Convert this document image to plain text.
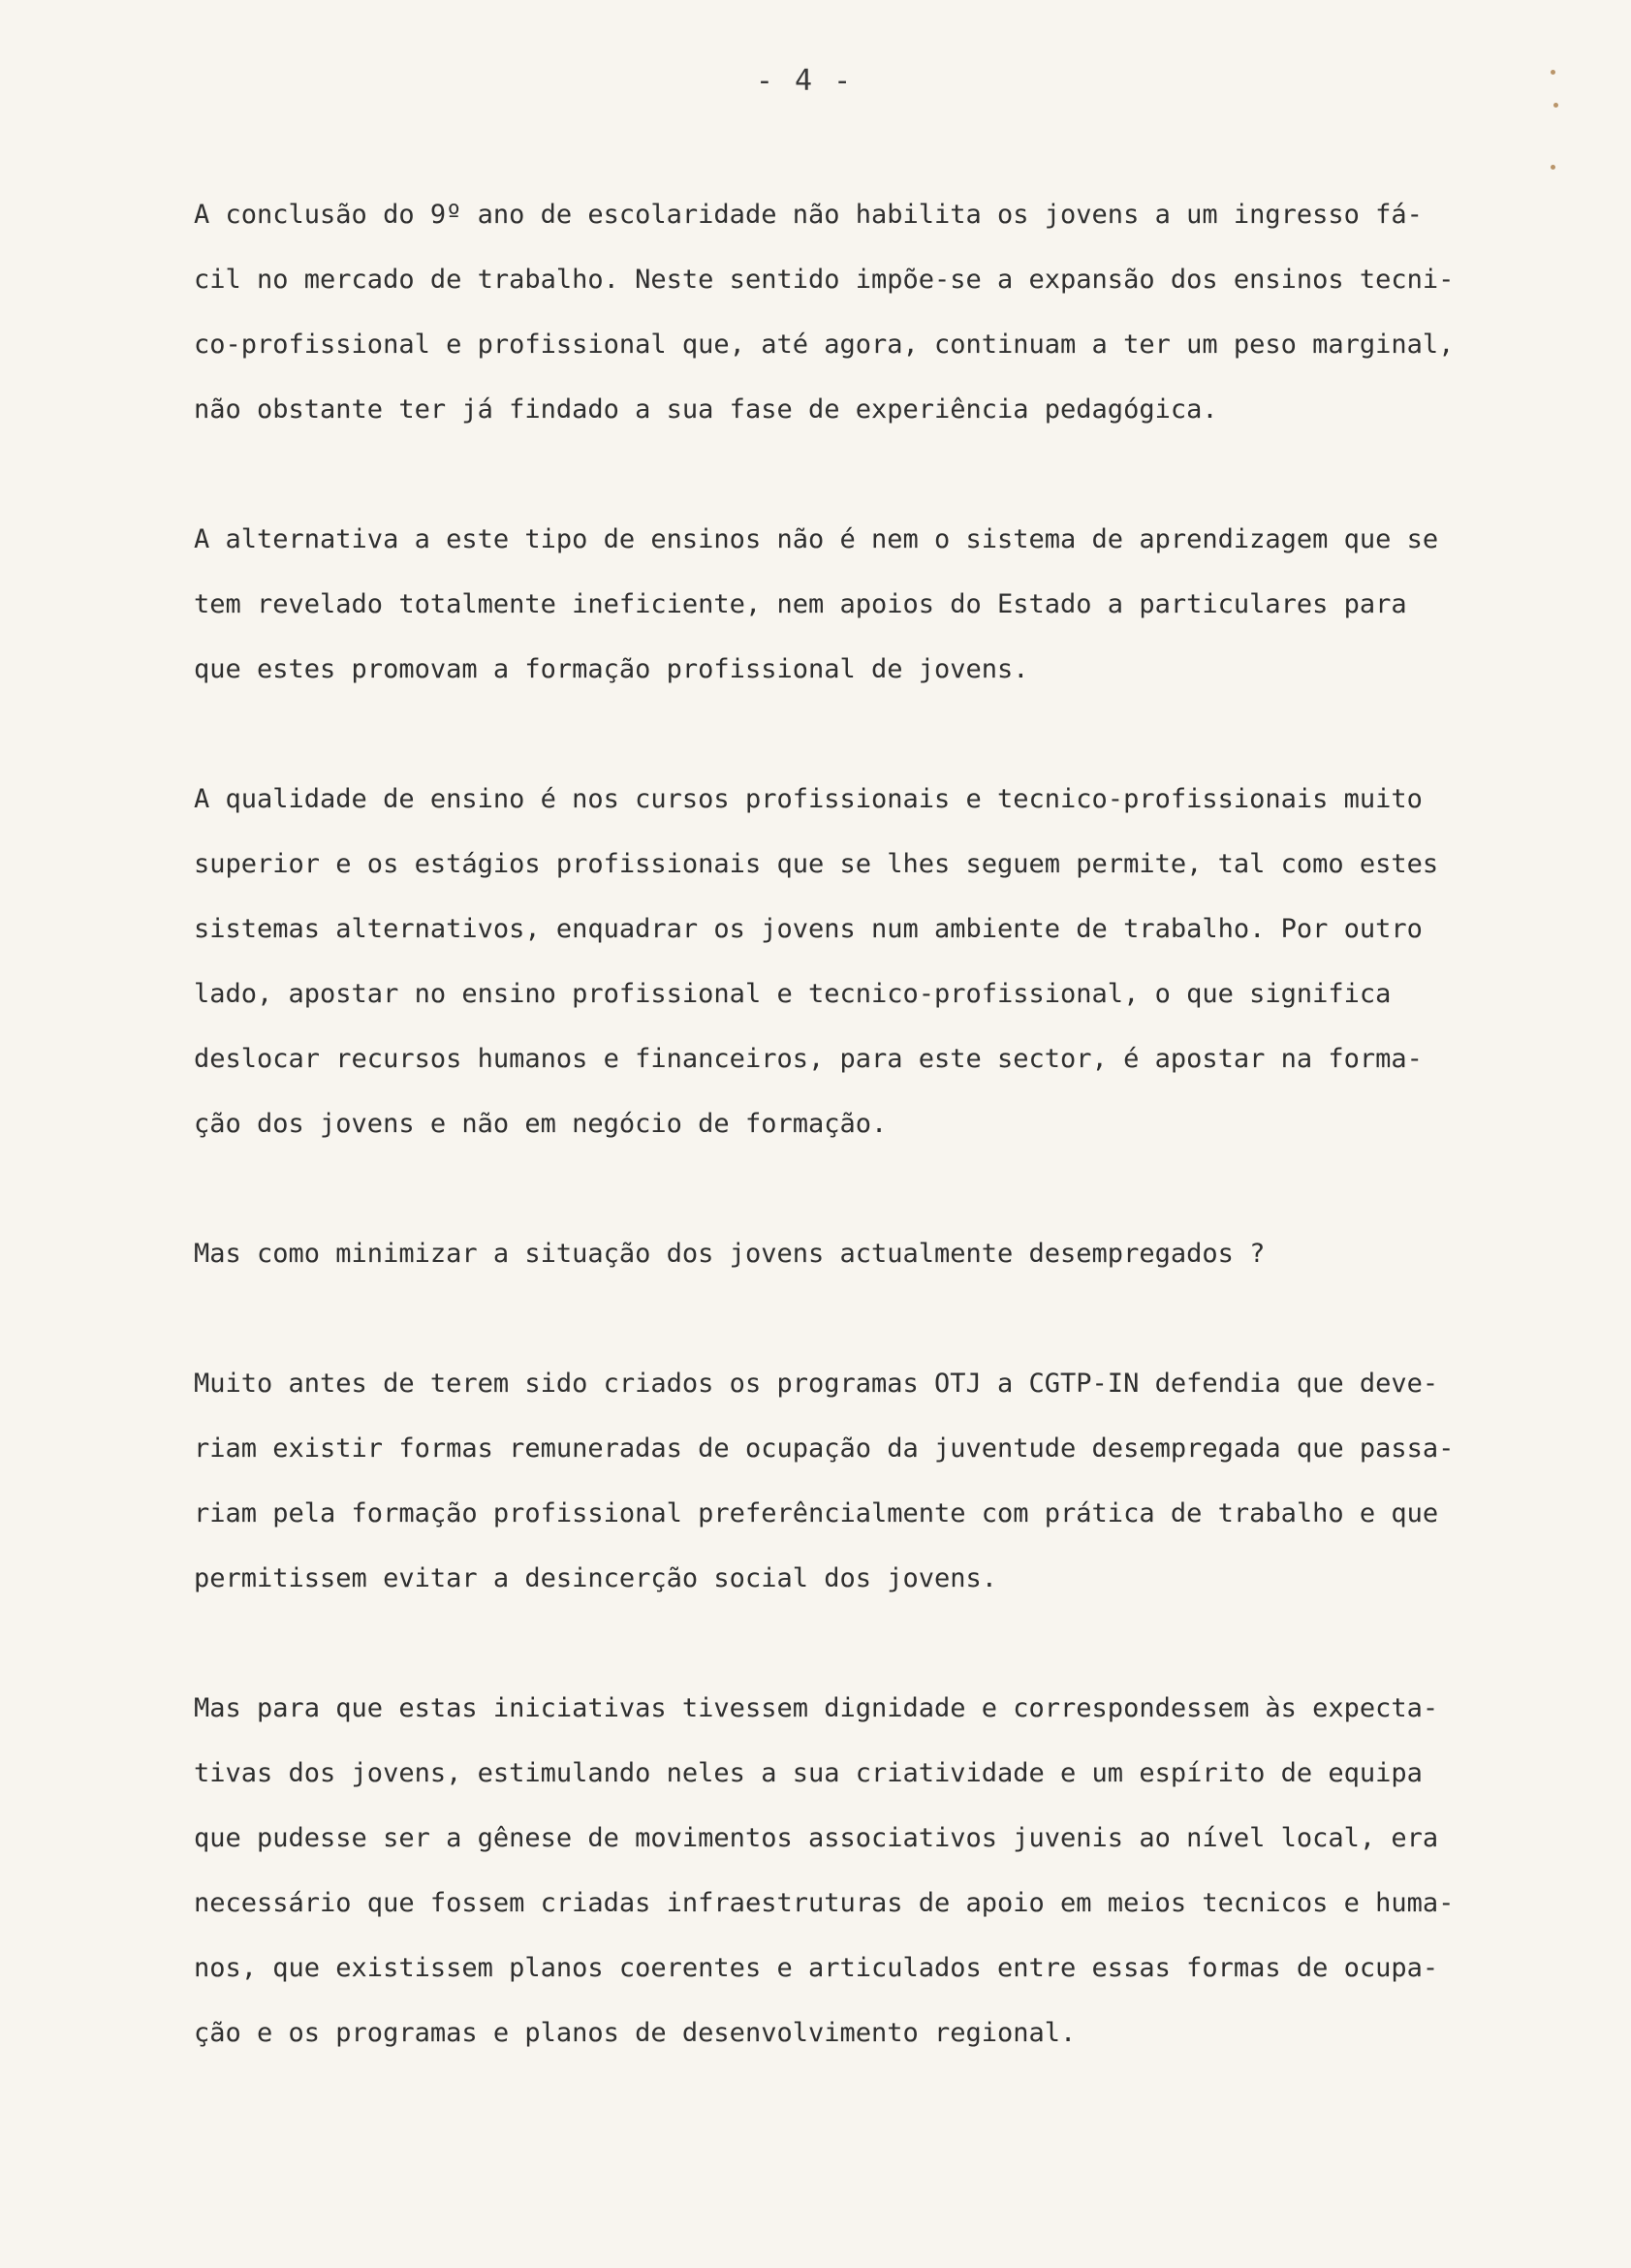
- 4 -
A conclusão do 9º ano de escolaridade não habilita os jovens a um ingresso fá-
cil no mercado de trabalho. Neste sentido impõe-se a expansão dos ensinos tecni-
co-profissional e profissional que, até agora, continuam a ter um peso marginal,
não obstante ter já findado a sua fase de experiência pedagógica.
A alternativa a este tipo de ensinos não é nem o sistema de aprendizagem que se
tem revelado totalmente ineficiente, nem apoios do Estado a particulares para
que estes promovam a formação profissional de jovens.
A qualidade de ensino é nos cursos profissionais e tecnico-profissionais muito
superior e os estágios profissionais que se lhes seguem permite, tal como estes
sistemas alternativos, enquadrar os jovens num ambiente de trabalho. Por outro
lado, apostar no ensino profissional e tecnico-profissional, o que significa
deslocar recursos humanos e financeiros, para este sector, é apostar na forma-
ção dos jovens e não em negócio de formação.
Mas como minimizar a situação dos jovens actualmente desempregados ?
Muito antes de terem sido criados os programas OTJ a CGTP-IN defendia que deve-
riam existir formas remuneradas de ocupação da juventude desempregada que passa-
riam pela formação profissional preferêncialmente com prática de trabalho e que
permitissem evitar a desincerção social dos jovens.
Mas para que estas iniciativas tivessem dignidade e correspondessem às expecta-
tivas dos jovens, estimulando neles a sua criatividade e um espírito de equipa
que pudesse ser a gênese de movimentos associativos juvenis ao nível local, era
necessário que fossem criadas infraestruturas de apoio em meios tecnicos e huma-
nos, que existissem planos coerentes e articulados entre essas formas de ocupa-
ção e os programas e planos de desenvolvimento regional.
